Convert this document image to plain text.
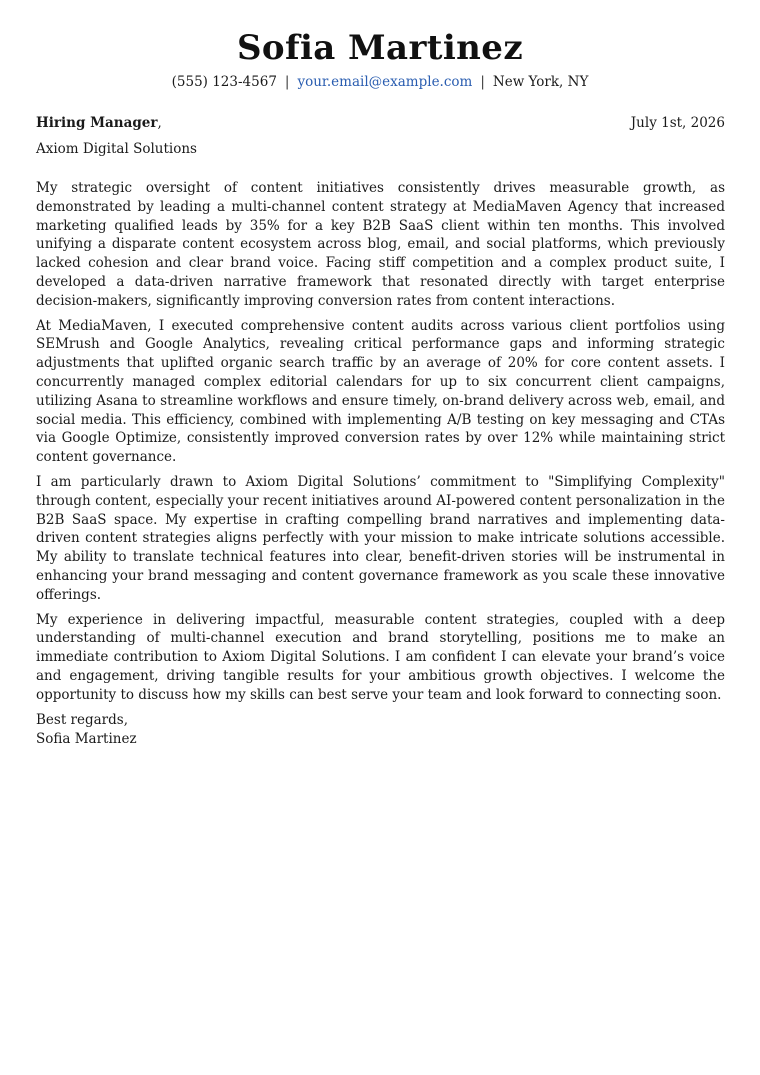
Sofia Martinez
(555) 123-4567 | your.email@example.com | New York, NY
Hiring Manager,	July 1st, 2026
Axiom Digital Solutions

My strategic oversight of content initiatives consistently drives measurable growth, as demonstrated by leading a multi-channel content strategy at MediaMaven Agency that increased marketing qualified leads by 35% for a key B2B SaaS client within ten months. This involved unifying a disparate content ecosystem across blog, email, and social platforms, which previously lacked cohesion and clear brand voice. Facing stiff competition and a complex product suite, I developed a data-driven narrative framework that resonated directly with target enterprise decision-makers, significantly improving conversion rates from content interactions.

At MediaMaven, I executed comprehensive content audits across various client portfolios using SEMrush and Google Analytics, revealing critical performance gaps and informing strategic adjustments that uplifted organic search traffic by an average of 20% for core content assets. I concurrently managed complex editorial calendars for up to six concurrent client campaigns, utilizing Asana to streamline workflows and ensure timely, on-brand delivery across web, email, and social media. This efficiency, combined with implementing A/B testing on key messaging and CTAs via Google Optimize, consistently improved conversion rates by over 12% while maintaining strict content governance.

I am particularly drawn to Axiom Digital Solutions’ commitment to "Simplifying Complexity" through content, especially your recent initiatives around AI-powered content personalization in the B2B SaaS space. My expertise in crafting compelling brand narratives and implementing data-driven content strategies aligns perfectly with your mission to make intricate solutions accessible. My ability to translate technical features into clear, benefit-driven stories will be instrumental in enhancing your brand messaging and content governance framework as you scale these innovative offerings.

My experience in delivering impactful, measurable content strategies, coupled with a deep understanding of multi-channel execution and brand storytelling, positions me to make an immediate contribution to Axiom Digital Solutions. I am confident I can elevate your brand’s voice and engagement, driving tangible results for your ambitious growth objectives. I welcome the opportunity to discuss how my skills can best serve your team and look forward to connecting soon.

Best regards,
Sofia Martinez
